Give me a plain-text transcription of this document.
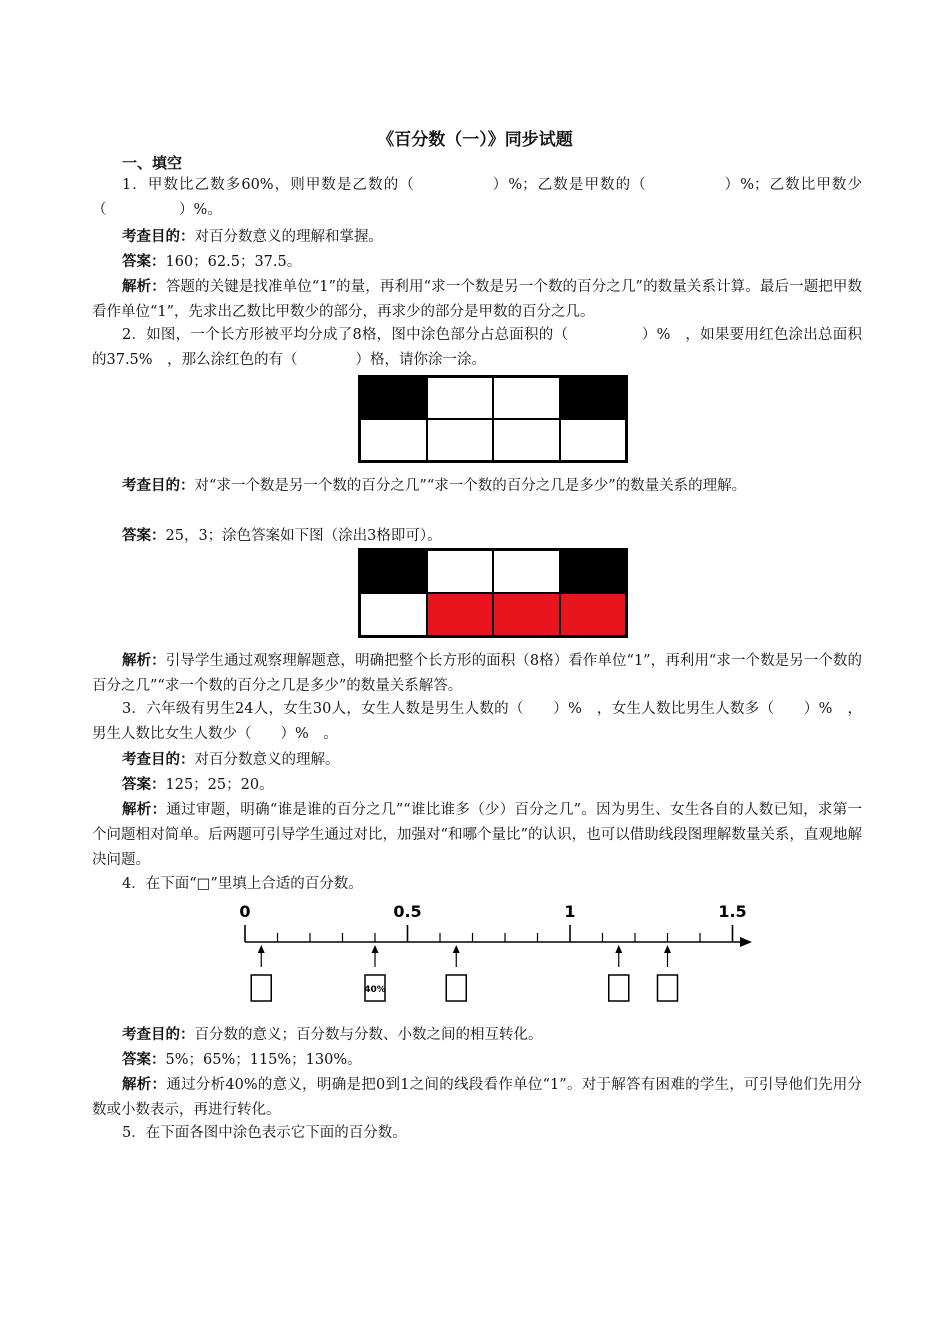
《百分数（一）》同步试题
一、填空
1．甲数比乙数多60%，则甲数是乙数的（　　　　　）%；乙数是甲数的（　　　　　）%；乙数比甲数少（　　　　　）%。
考查目的：对百分数意义的理解和掌握。
答案：160；62.5；37.5。
解析：答题的关键是找准单位“1”的量，再利用“求一个数是另一个数的百分之几”的数量关系计算。最后一题把甲数看作单位“1”，先求出乙数比甲数少的部分，再求少的部分是甲数的百分之几。
2．如图，一个长方形被平均分成了8格，图中涂色部分占总面积的（　　　　　）%　，如果要用红色涂出总面积的37.5%　，那么涂红色的有（　　　　）格，请你涂一涂。
考查目的：对“求一个数是另一个数的百分之几”“求一个数的百分之几是多少”的数量关系的理解。
答案：25，3；涂色答案如下图（涂出3格即可）。
解析：引导学生通过观察理解题意，明确把整个长方形的面积（8格）看作单位“1”，再利用“求一个数是另一个数的百分之几”“求一个数的百分之几是多少”的数量关系解答。
3．六年级有男生24人，女生30人，女生人数是男生人数的（　　）%　，女生人数比男生人数多（　　）%　，男生人数比女生人数少（　　）%　。
考查目的：对百分数意义的理解。
答案：125；25；20。
解析：通过审题，明确“谁是谁的百分之几”“谁比谁多（少）百分之几”。因为男生、女生各自的人数已知，求第一个问题相对简单。后两题可引导学生通过对比，加强对“和哪个量比”的认识，也可以借助线段图理解数量关系，直观地解决问题。
4．在下面“□”里填上合适的百分数。
0	0.5	1	1.5
40%
考查目的：百分数的意义；百分数与分数、小数之间的相互转化。
答案：5%；65%；115%；130%。
解析：通过分析40%的意义，明确是把0到1之间的线段看作单位“1”。对于解答有困难的学生，可引导他们先用分数或小数表示，再进行转化。
5．在下面各图中涂色表示它下面的百分数。
